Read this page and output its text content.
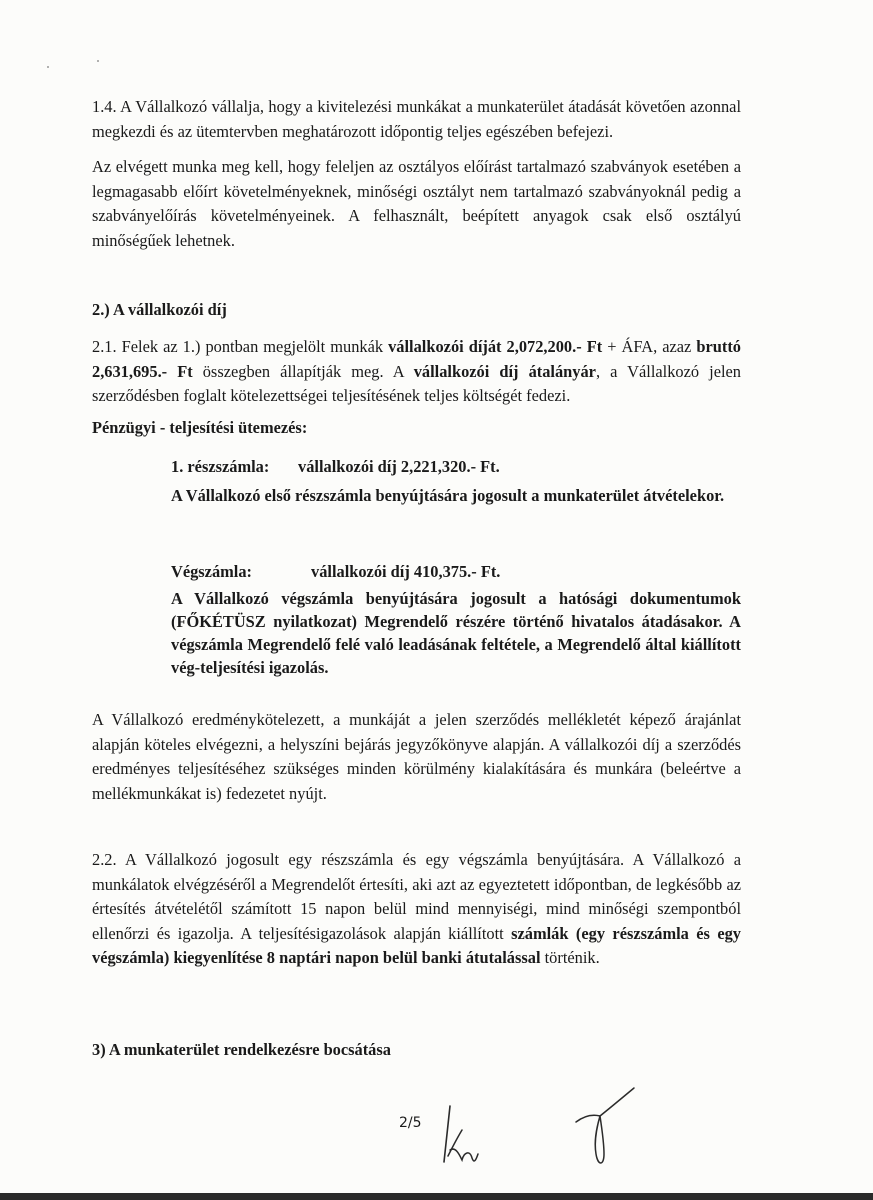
1.4. A Vállalkozó vállalja, hogy a kivitelezési munkákat a munkaterület átadását követően azonnal megkezdi és az ütemtervben meghatározott időpontig teljes egészében befejezi.

Az elvégett munka meg kell, hogy feleljen az osztályos előírást tartalmazó szabványok esetében a legmagasabb előírt követelményeknek, minőségi osztályt nem tartalmazó szabványoknál pedig a szabványelőírás követelményeinek. A felhasznált, beépített anyagok csak első osztályú minőségűek lehetnek.

2.) A vállalkozói díj

2.1. Felek az 1.) pontban megjelölt munkák vállalkozói díját 2,072,200.- Ft + ÁFA, azaz bruttó 2,631,695.- Ft összegben állapítják meg. A vállalkozói díj átalányár, a Vállalkozó jelen szerződésben foglalt kötelezettségei teljesítésének teljes költségét fedezi.

Pénzügyi - teljesítési ütemezés:

1. részszámla: vállalkozói díj 2,221,320.- Ft.

A Vállalkozó első részszámla benyújtására jogosult a munkaterület átvételekor.

Végszámla:	vállalkozói díj 410,375.- Ft.

A Vállalkozó végszámla benyújtására jogosult a hatósági dokumentumok (FŐKÉTÜSZ nyilatkozat) Megrendelő részére történő hivatalos átadásakor. A végszámla Megrendelő felé való leadásának feltétele, a Megrendelő által kiállított vég-teljesítési igazolás.

A Vállalkozó eredménykötelezett, a munkáját a jelen szerződés mellékletét képező árajánlat alapján köteles elvégezni, a helyszíni bejárás jegyzőkönyve alapján. A vállalkozói díj a szerződés eredményes teljesítéséhez szükséges minden körülmény kialakítására és munkára (beleértve a mellékmunkákat is) fedezetet nyújt.

2.2. A Vállalkozó jogosult egy részszámla és egy végszámla benyújtására. A Vállalkozó a munkálatok elvégzéséről a Megrendelőt értesíti, aki azt az egyeztetett időpontban, de legkésőbb az értesítés átvételétől számított 15 napon belül mind mennyiségi, mind minőségi szempontból ellenőrzi és igazolja. A teljesítésigazolások alapján kiállított számlák (egy részszámla és egy végszámla) kiegyenlítése 8 naptári napon belül banki átutalással történik.

3) A munkaterület rendelkezésre bocsátása

2/5
